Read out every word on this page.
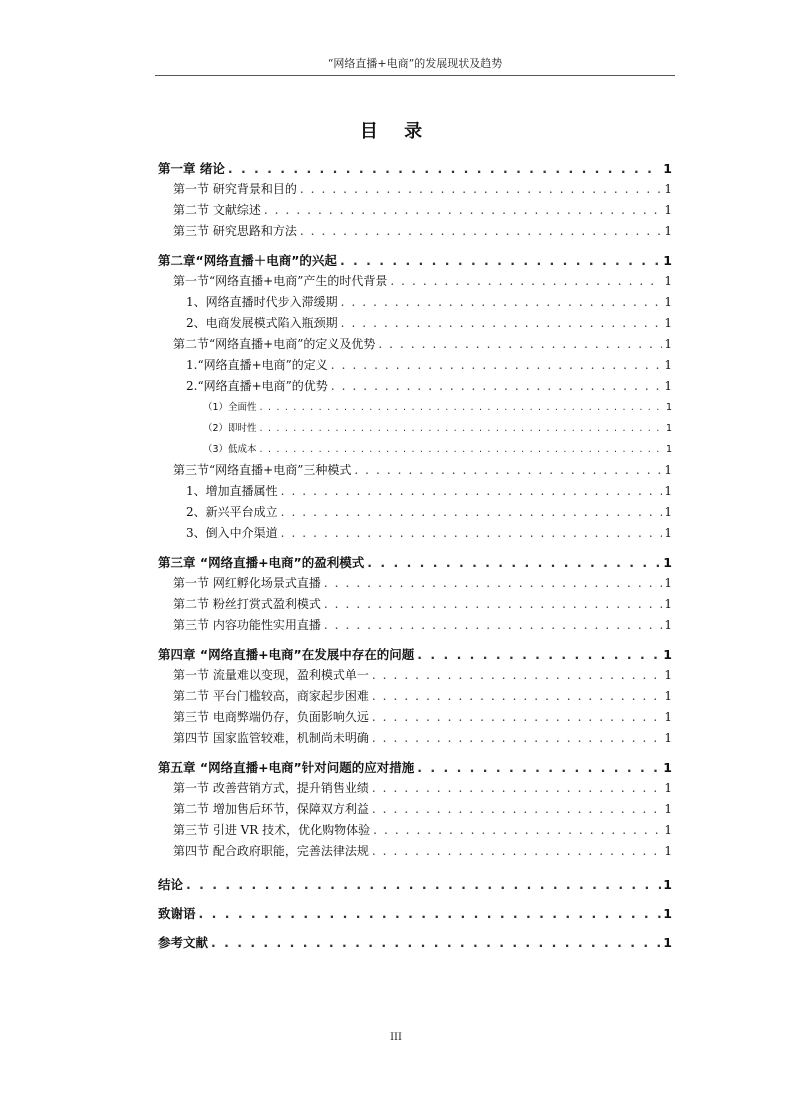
“网络直播+电商”的发展现状及趋势
目 录
第一章 绪论 . . .	1
第一节 研究背景和目的 . . .	1
第二节 文献综述 . . .	1
第三节 研究思路和方法 . . .	1
第二章“网络直播＋电商”的兴起 . . .	1
第一节“网络直播+电商”产生的时代背景 . . .	1
1、网络直播时代步入滞缓期 . . .	1
2、电商发展模式陷入瓶颈期 . . .	1
第二节“网络直播+电商”的定义及优势 . . .	1
1.“网络直播+电商”的定义 . . .	1
2.“网络直播+电商”的优势 . . .	1
（1）全面性 . . .	1
（2）即时性 . . .	1
（3）低成本 . . .	1
第三节“网络直播+电商”三种模式 . . .	1
1、增加直播属性 . . .	1
2、新兴平台成立 . . .	1
3、倒入中介渠道 . . .	1
第三章 “网络直播+电商”的盈利模式 . . .	1
第一节 网红孵化场景式直播 . . .	1
第二节 粉丝打赏式盈利模式 . . .	1
第三节 内容功能性实用直播 . . .	1
第四章 “网络直播+电商”在发展中存在的问题 . . .	1
第一节 流量难以变现，盈利模式单一 . . .	1
第二节 平台门槛较高，商家起步困难 . . .	1
第三节 电商弊端仍存，负面影响久远 . . .	1
第四节 国家监管较难，机制尚未明确 . . .	1
第五章 “网络直播+电商”针对问题的应对措施 . . .	1
第一节 改善营销方式，提升销售业绩 . . .	1
第二节 增加售后环节，保障双方利益 . . .	1
第三节 引进 VR 技术，优化购物体验 . . .	1
第四节 配合政府职能，完善法律法规 . . .	1
结论 . . .	1
致谢语 . . .	1
参考文献 . . .	1
III
